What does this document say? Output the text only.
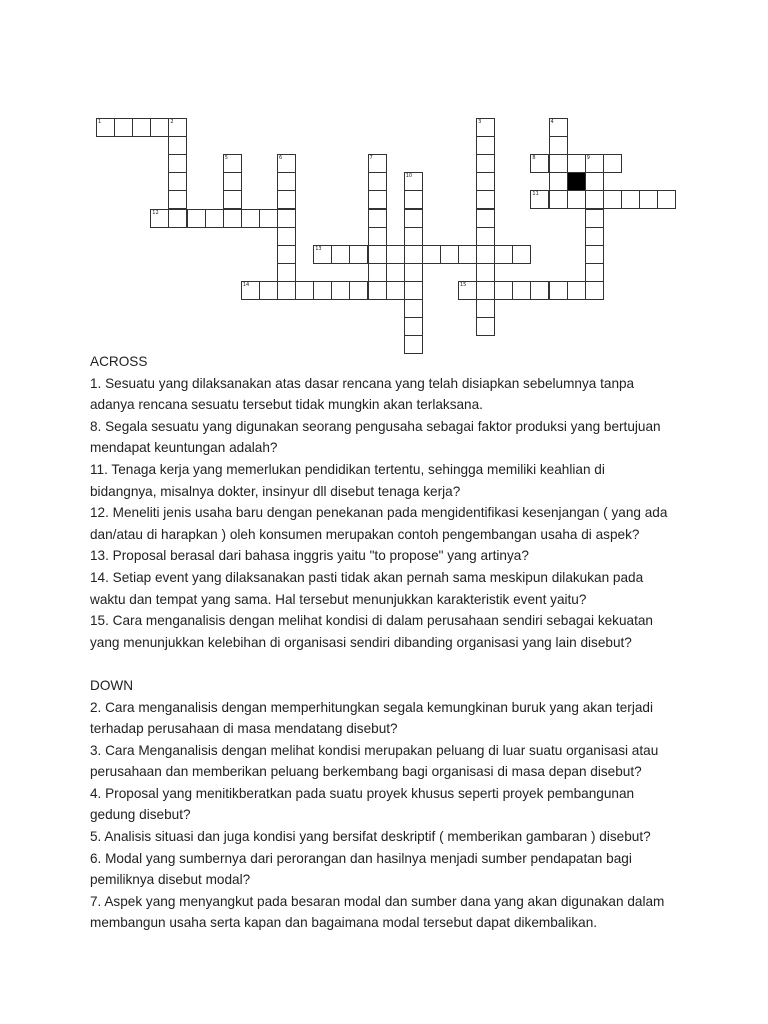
1	2	3	4
5	6	7	8	9
10
11
12
13
14	15

ACROSS

1. Sesuatu yang dilaksanakan atas dasar rencana yang telah disiapkan sebelumnya tanpa

adanya rencana sesuatu tersebut tidak mungkin akan terlaksana.

8. Segala sesuatu yang digunakan seorang pengusaha sebagai faktor produksi yang bertujuan

mendapat keuntungan adalah?

11. Tenaga kerja yang memerlukan pendidikan tertentu, sehingga memiliki keahlian di

bidangnya, misalnya dokter, insinyur dll disebut tenaga kerja?

12. Meneliti jenis usaha baru dengan penekanan pada mengidentifikasi kesenjangan ( yang ada

dan/atau di harapkan ) oleh konsumen merupakan contoh pengembangan usaha di aspek?

13. Proposal berasal dari bahasa inggris yaitu "to propose" yang artinya?

14. Setiap event yang dilaksanakan pasti tidak akan pernah sama meskipun dilakukan pada

waktu dan tempat yang sama. Hal tersebut menunjukkan karakteristik event yaitu?

15. Cara menganalisis dengan melihat kondisi di dalam perusahaan sendiri sebagai kekuatan

yang menunjukkan kelebihan di organisasi sendiri dibanding organisasi yang lain disebut?

DOWN

2. Cara menganalisis dengan memperhitungkan segala kemungkinan buruk yang akan terjadi

terhadap perusahaan di masa mendatang disebut?

3. Cara Menganalisis dengan melihat kondisi merupakan peluang di luar suatu organisasi atau

perusahaan dan memberikan peluang berkembang bagi organisasi di masa depan disebut?

4. Proposal yang menitikberatkan pada suatu proyek khusus seperti proyek pembangunan

gedung disebut?

5. Analisis situasi dan juga kondisi yang bersifat deskriptif ( memberikan gambaran ) disebut?

6. Modal yang sumbernya dari perorangan dan hasilnya menjadi sumber pendapatan bagi

pemiliknya disebut modal?

7. Aspek yang menyangkut pada besaran modal dan sumber dana yang akan digunakan dalam

membangun usaha serta kapan dan bagaimana modal tersebut dapat dikembalikan.
